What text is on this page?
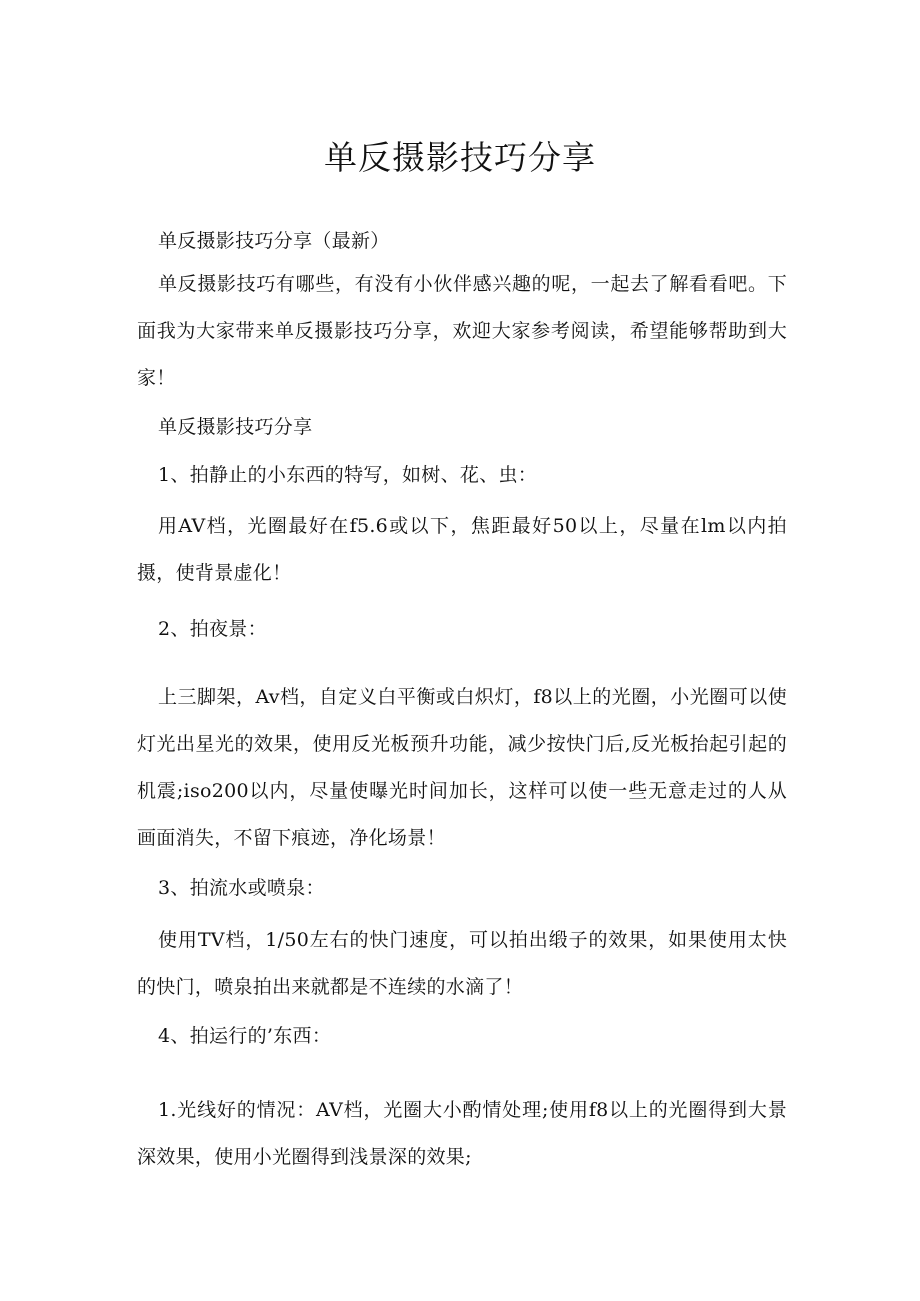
单反摄影技巧分享

单反摄影技巧分享（最新）

单反摄影技巧有哪些，有没有小伙伴感兴趣的呢，一起去了解看看吧。下面我为大家带来单反摄影技巧分享，欢迎大家参考阅读，希望能够帮助到大家！

单反摄影技巧分享

1、拍静止的小东西的特写，如树、花、虫：

用AV档，光圈最好在f5.6或以下，焦距最好50以上，尽量在lm以内拍摄，使背景虚化！

2、拍夜景：

上三脚架，Av档，自定义白平衡或白炽灯，f8以上的光圈，小光圈可以使灯光出星光的效果，使用反光板预升功能，减少按快门后,反光板抬起引起的机震;iso200以内，尽量使曝光时间加长，这样可以使一些无意走过的人从画面消失，不留下痕迹，净化场景！

3、拍流水或喷泉：

使用TV档，1/50左右的快门速度，可以拍出缎子的效果，如果使用太快的快门，喷泉拍出来就都是不连续的水滴了！

4、拍运行的’东西：

1.光线好的情况：AV档，光圈大小酌情处理;使用f8以上的光圈得到大景深效果，使用小光圈得到浅景深的效果;
